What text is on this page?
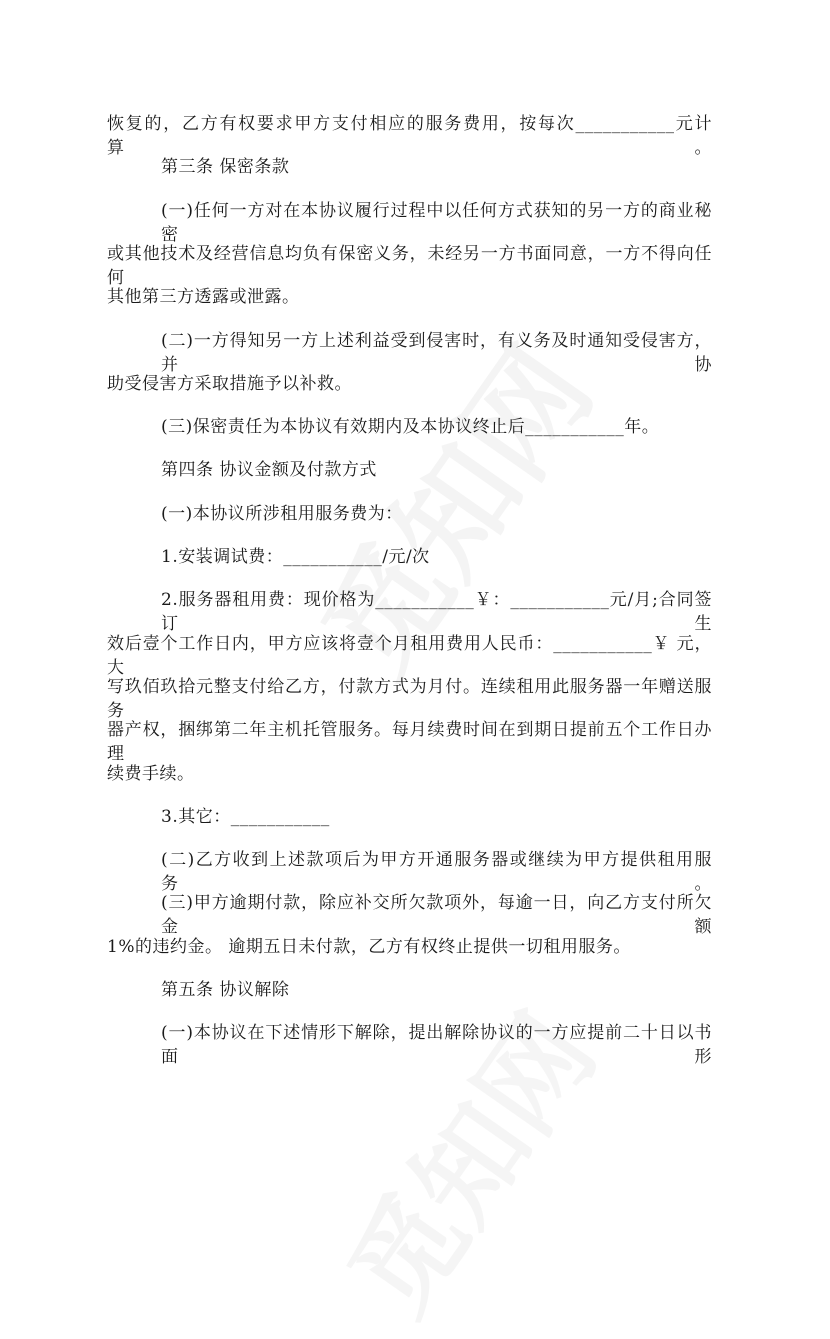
恢复的，乙方有权要求甲方支付相应的服务费用，按每次___________元计算。
第三条 保密条款
(一)任何一方对在本协议履行过程中以任何方式获知的另一方的商业秘密
或其他技术及经营信息均负有保密义务，未经另一方书面同意，一方不得向任何
其他第三方透露或泄露。
(二)一方得知另一方上述利益受到侵害时，有义务及时通知受侵害方，并协
助受侵害方采取措施予以补救。
(三)保密责任为本协议有效期内及本协议终止后___________年。
第四条 协议金额及付款方式
(一)本协议所涉租用服务费为：
1.安装调试费：___________/元/次
2.服务器租用费：现价格为___________￥：___________元/月;合同签订生
效后壹个工作日内，甲方应该将壹个月租用费用人民币：___________￥ 元，大
写玖佰玖拾元整支付给乙方，付款方式为月付。连续租用此服务器一年赠送服务
器产权，捆绑第二年主机托管服务。每月续费时间在到期日提前五个工作日办理
续费手续。
3.其它：___________
(二)乙方收到上述款项后为甲方开通服务器或继续为甲方提供租用服务。
(三)甲方逾期付款，除应补交所欠款项外，每逾一日，向乙方支付所欠金额
1%的违约金。 逾期五日未付款，乙方有权终止提供一切租用服务。
第五条 协议解除
(一)本协议在下述情形下解除，提出解除协议的一方应提前二十日以书面形
